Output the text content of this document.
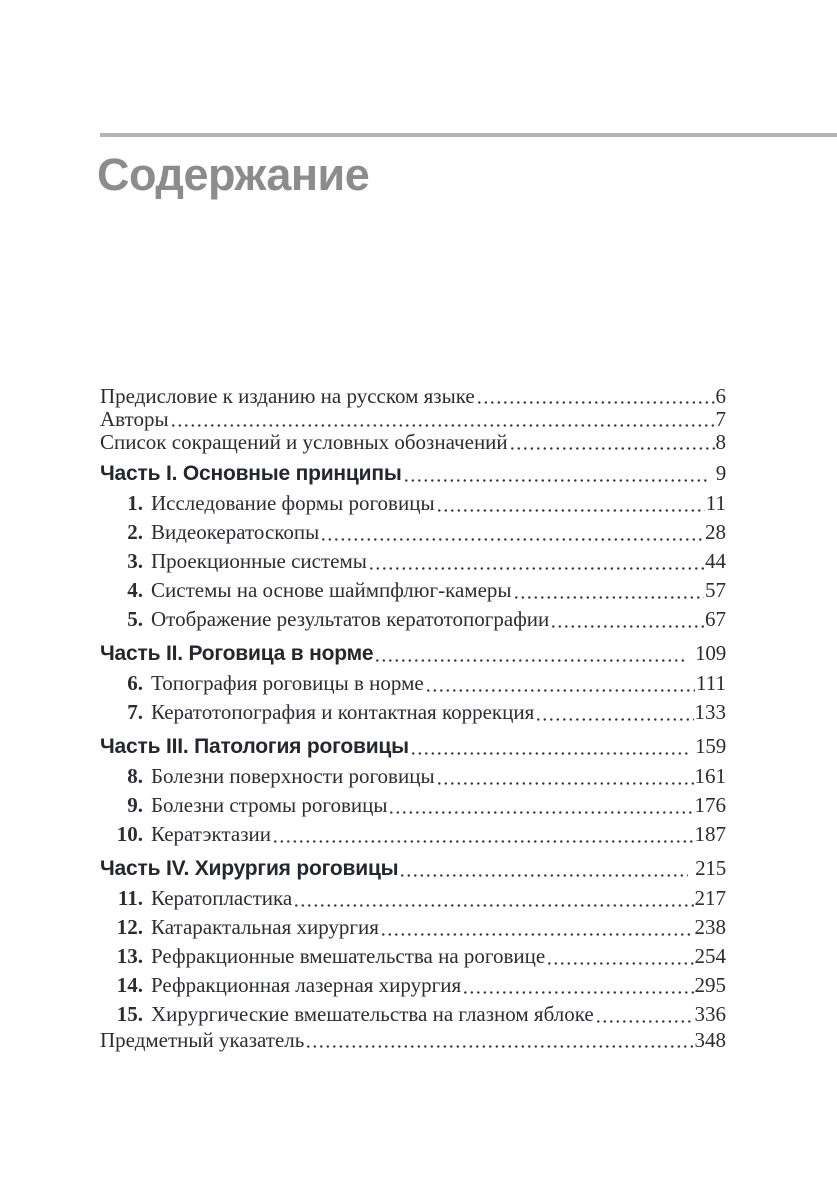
Содержание
Предисловие к изданию на русском языке	6
Авторы	7
Список сокращений и условных обозначений	8
Часть I. Основные принципы	9
1. Исследование формы роговицы	11
2. Видеокератоскопы	28
3. Проекционные системы	44
4. Системы на основе шаймпфлюг-камеры	57
5. Отображение результатов кератотопографии	67
Часть II. Роговица в норме	109
6. Топография роговицы в норме	111
7. Кератотопография и контактная коррекция	133
Часть III. Патология роговицы	159
8. Болезни поверхности роговицы	161
9. Болезни стромы роговицы	176
10. Кератэктазии	187
Часть IV. Хирургия роговицы	215
11. Кератопластика	217
12. Катарактальная хирургия	238
13. Рефракционные вмешательства на роговице	254
14. Рефракционная лазерная хирургия	295
15. Хирургические вмешательства на глазном яблоке	336
Предметный указатель	348
